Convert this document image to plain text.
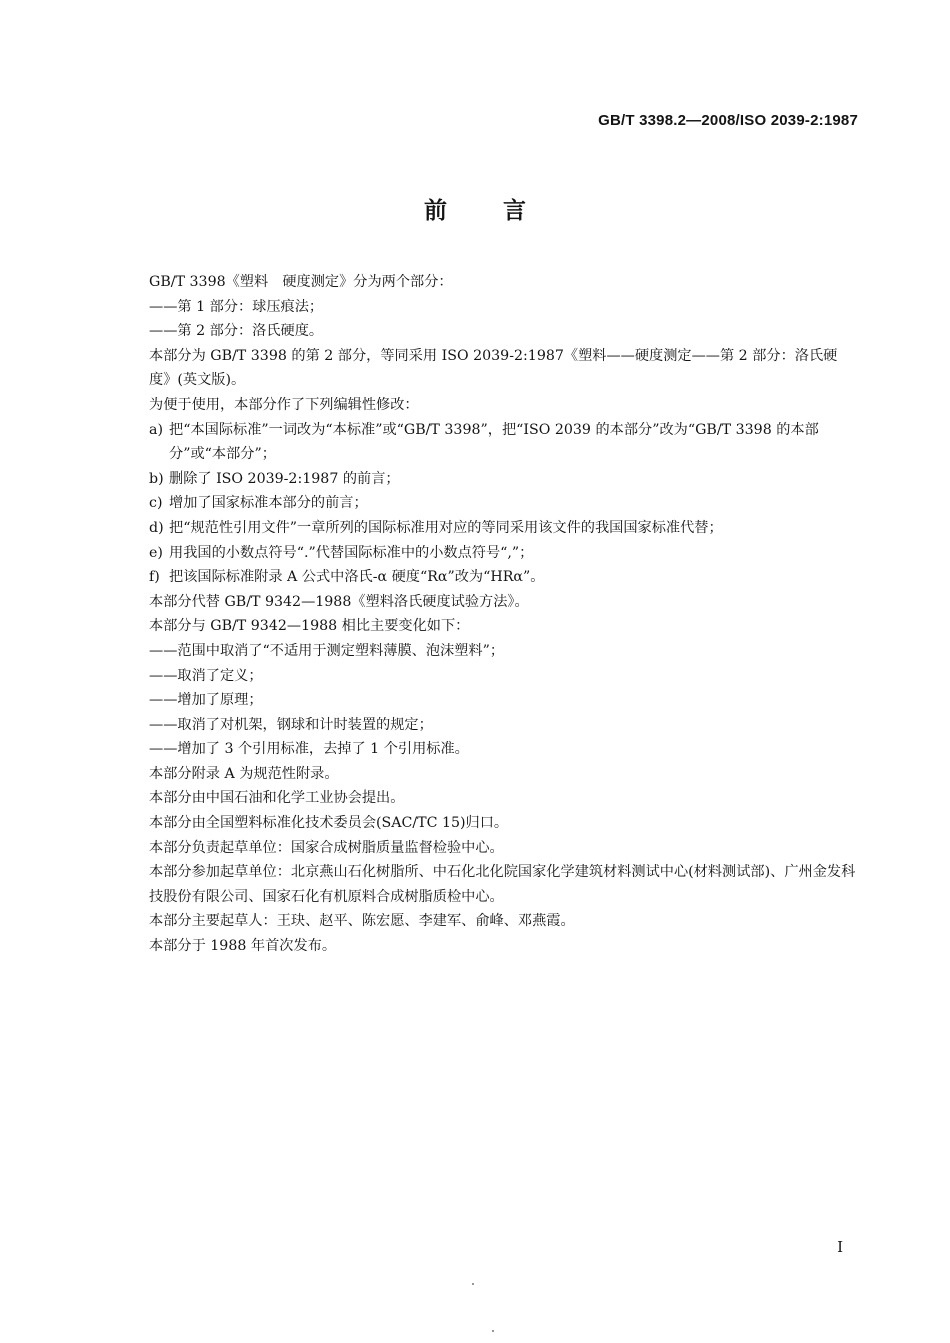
GB/T 3398.2—2008/ISO 2039-2:1987
前 言

GB/T 3398《塑料　硬度测定》分为两个部分：

——第 1 部分：球压痕法；

——第 2 部分：洛氏硬度。

本部分为 GB/T 3398 的第 2 部分，等同采用 ISO 2039-2:1987《塑料——硬度测定——第 2 部分：洛氏硬度》(英文版)。

为便于使用，本部分作了下列编辑性修改：

a) 把“本国际标准”一词改为“本标准”或“GB/T 3398”，把“ISO 2039 的本部分”改为“GB/T 3398 的本部分”或“本部分”；
b) 删除了 ISO 2039-2:1987 的前言；
c) 增加了国家标准本部分的前言；
d) 把“规范性引用文件”一章所列的国际标准用对应的等同采用该文件的我国国家标准代替；
e) 用我国的小数点符号“.”代替国际标准中的小数点符号“,”；
f) 把该国际标准附录 A 公式中洛氏-α 硬度“Rα”改为“HRα”。

本部分代替 GB/T 9342—1988《塑料洛氏硬度试验方法》。

本部分与 GB/T 9342—1988 相比主要变化如下：

——范围中取消了“不适用于测定塑料薄膜、泡沫塑料”；

——取消了定义；

——增加了原理；

——取消了对机架，钢球和计时装置的规定；

——增加了 3 个引用标准，去掉了 1 个引用标准。

本部分附录 A 为规范性附录。

本部分由中国石油和化学工业协会提出。

本部分由全国塑料标准化技术委员会(SAC/TC 15)归口。

本部分负责起草单位：国家合成树脂质量监督检验中心。

本部分参加起草单位：北京燕山石化树脂所、中石化北化院国家化学建筑材料测试中心(材料测试部)、广州金发科技股份有限公司、国家石化有机原料合成树脂质检中心。

本部分主要起草人：王玦、赵平、陈宏愿、李建军、俞峰、邓燕霞。

本部分于 1988 年首次发布。

I
